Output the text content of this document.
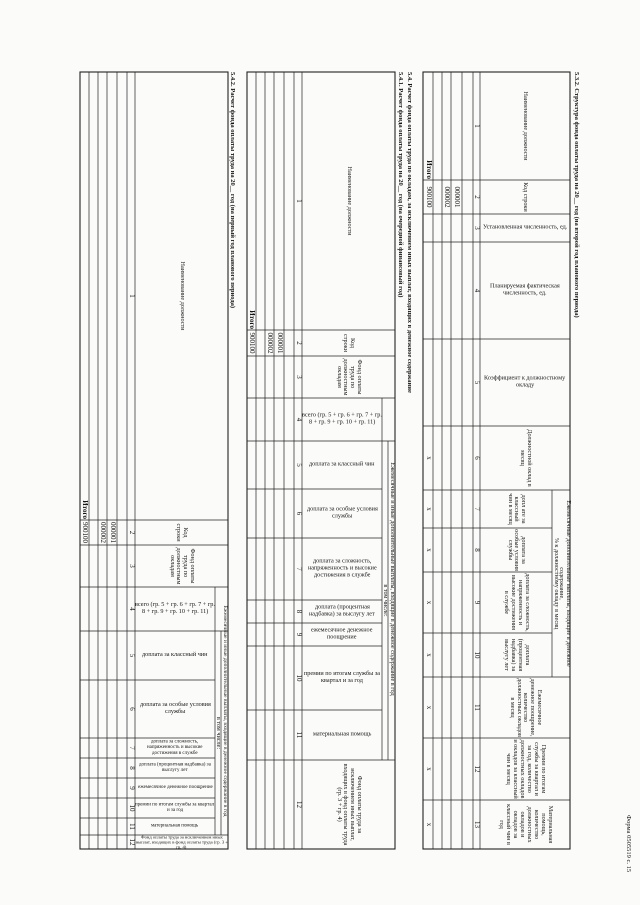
Форма 0505519 с. 15
5.3.2. Структура фонда оплаты труда на 20__ год (на второй год планового периода)
Наименование должности
Код строки
Установленная численность, ед.
Планируемая фактическая численность, ед.
Коэффициент к должностному окладу
Должностной оклад в месяц
Ежемесячные дополнительные выплаты, входящие в денежное содержание,
% к должностному окладу в месяц
допл ате за классный чин в месяц
доплата за особые условия службы
доплата за сложность, напряженность и высокие достижения в службе
доплата (процентная надбавка) за выслугу лет
Ежемесячное денежное поощрение, количество должностных окладов в месяц
Премии по итогам службы за квартал и за год, количество должностных окладов и окладов за классный чин в месяц
Материальная помощь, количество должностных окладов и окладов за классный чин в год
1
2
3
4
5
6
7
8
9
10
11
12
13
000001
000002
Итого
900100
x
x
x
x
x
x
x
x
5.4. Расчет фонда оплаты труда по окладам, за исключением иных выплат, входящих в денежное содержание
5.4.1. Расчет фонда оплаты труда на 20__ год (на очередной финансовый год)
Наименование должности
Код строки
Фонд оплаты труда по должностным окладам
Ежемесячные и иные дополнительные выплаты, входящие в денежное содержание в год
в том числе:
всего (гр. 5 + гр. 6 + гр. 7 + гр. 8 + гр. 9 + гр. 10 + гр. 11)
доплата за классный чин
доплата за особые условия службы
доплата за сложность, напряженность и высокие достижения в службе
доплата (процентная надбавка) за выслугу лет
ежемесячное денежное поощрение
премии по итогам службы за квартал и за год
материальная помощь
Фонд оплаты труда за исключением иных выплат, входящих в фонд оплаты труда (гр. 3 + гр. 4)
1
2
3
4
5
6
7
8
9
10
11
12
000001
000002
Итого
900100
5.4.2. Расчет фонда оплаты труда на 20__ год (на первый год планового периода)
Наименование должности
Код строки
Фонд оплаты труда по должностным окладам
Ежемесячные и иные дополнительные выплаты, входящие в денежное содержание в год
в том числе:
всего (гр. 5 + гр. 6 + гр. 7 + гр. 8 + гр. 9 + гр. 10 + гр. 11)
доплата за классный чин
доплата за особые условия службы
доплата за сложность, напряженность и высокие достижения в службе
доплата (процентная надбавка) за выслугу лет
ежемесячное денежное поощрение
премии по итогам службы за квартал и за год
материальная помощь
Фонд оплаты труда за исключением иных выплат, входящих в фонд оплаты труда (гр. 3 + гр. 4)
1
2
3
4
5
6
7
8
9
10
11
12
000001
000002
Итого
900100
